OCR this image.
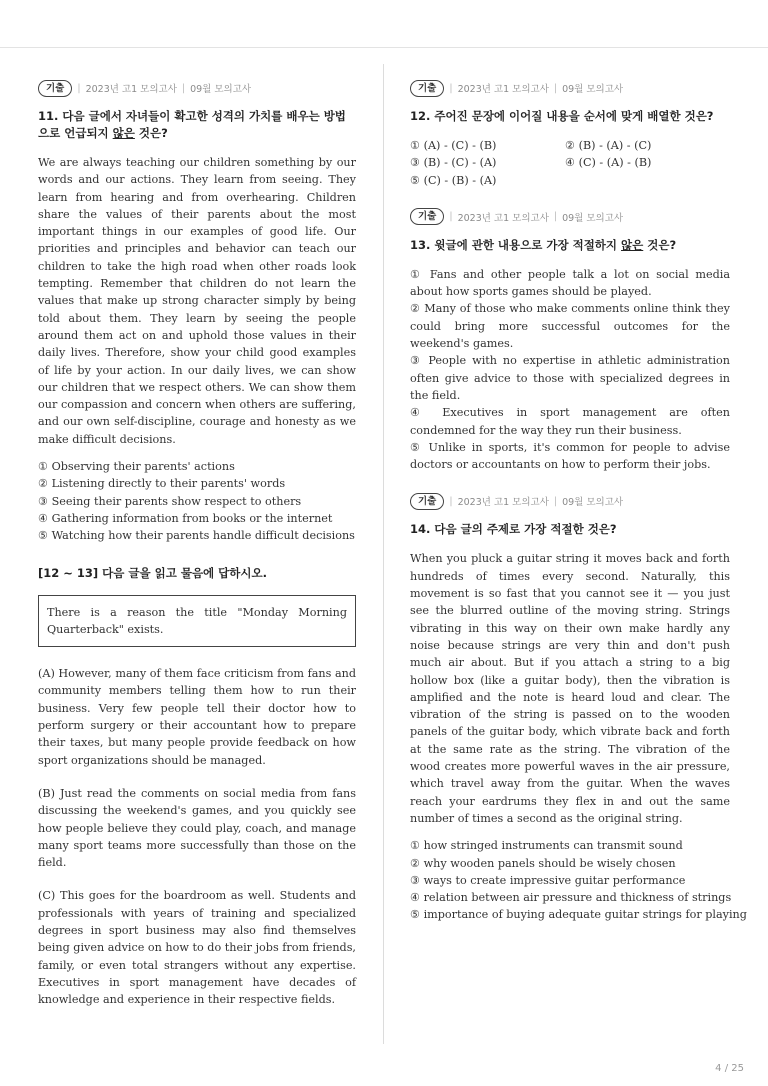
기출	| 2023년 고1 모의고사 | 09월 모의고사
11. 다음 글에서 자녀들이 확고한 성격의 가치를 배우는 방법으로 언급되지 않은 것은?

We are always teaching our children something by our words and our actions. They learn from seeing. They learn from hearing and from overhearing. Children share the values of their parents about the most important things in our examples of good life. Our priorities and principles and behavior can teach our children to take the high road when other roads look tempting. Remember that children do not learn the values that make up strong character simply by being told about them. They learn by seeing the people around them act on and uphold those values in their daily lives. Therefore, show your child good examples of life by your action. In our daily lives, we can show our children that we respect others. We can show them our compassion and concern when others are suffering, and our own self-discipline, courage and honesty as we make difficult decisions.

① Observing their parents' actions
② Listening directly to their parents' words
③ Seeing their parents show respect to others
④ Gathering information from books or the internet
⑤ Watching how their parents handle difficult decisions
[12 ~ 13] 다음 글을 읽고 물음에 답하시오.

There is a reason the title "Monday Morning Quarterback" exists.

(A) However, many of them face criticism from fans and community members telling them how to run their business. Very few people tell their doctor how to perform surgery or their accountant how to prepare their taxes, but many people provide feedback on how sport organizations should be managed.

(B) Just read the comments on social media from fans discussing the weekend's games, and you quickly see how people believe they could play, coach, and manage many sport teams more successfully than those on the field.

(C) This goes for the boardroom as well. Students and professionals with years of training and specialized degrees in sport business may also find themselves being given advice on how to do their jobs from friends, family, or even total strangers without any expertise. Executives in sport management have decades of knowledge and experience in their respective fields.

기출	| 2023년 고1 모의고사 | 09월 모의고사
12. 주어진 문장에 이어질 내용을 순서에 맞게 배열한 것은?
① (A) - (C) - (B)	② (B) - (A) - (C)
③ (B) - (C) - (A)	④ (C) - (A) - (B)
⑤ (C) - (B) - (A)
기출	| 2023년 고1 모의고사 | 09월 모의고사
13. 윗글에 관한 내용으로 가장 적절하지 않은 것은?

① Fans and other people talk a lot on social media about how sports games should be played.

② Many of those who make comments online think they could bring more successful outcomes for the weekend's games.

③ People with no expertise in athletic administration often give advice to those with specialized degrees in the field.

④ Executives in sport management are often condemned for the way they run their business.

⑤ Unlike in sports, it's common for people to advise doctors or accountants on how to perform their jobs.

기출	| 2023년 고1 모의고사 | 09월 모의고사
14. 다음 글의 주제로 가장 적절한 것은?

When you pluck a guitar string it moves back and forth hundreds of times every second. Naturally, this movement is so fast that you cannot see it — you just see the blurred outline of the moving string. Strings vibrating in this way on their own make hardly any noise because strings are very thin and don't push much air about. But if you attach a string to a big hollow box (like a guitar body), then the vibration is amplified and the note is heard loud and clear. The vibration of the string is passed on to the wooden panels of the guitar body, which vibrate back and forth at the same rate as the string. The vibration of the wood creates more powerful waves in the air pressure, which travel away from the guitar. When the waves reach your eardrums they flex in and out the same number of times a second as the original string.

① how stringed instruments can transmit sound
② why wooden panels should be wisely chosen
③ ways to create impressive guitar performance
④ relation between air pressure and thickness of strings
⑤ importance of buying adequate guitar strings for playing
4 / 25
